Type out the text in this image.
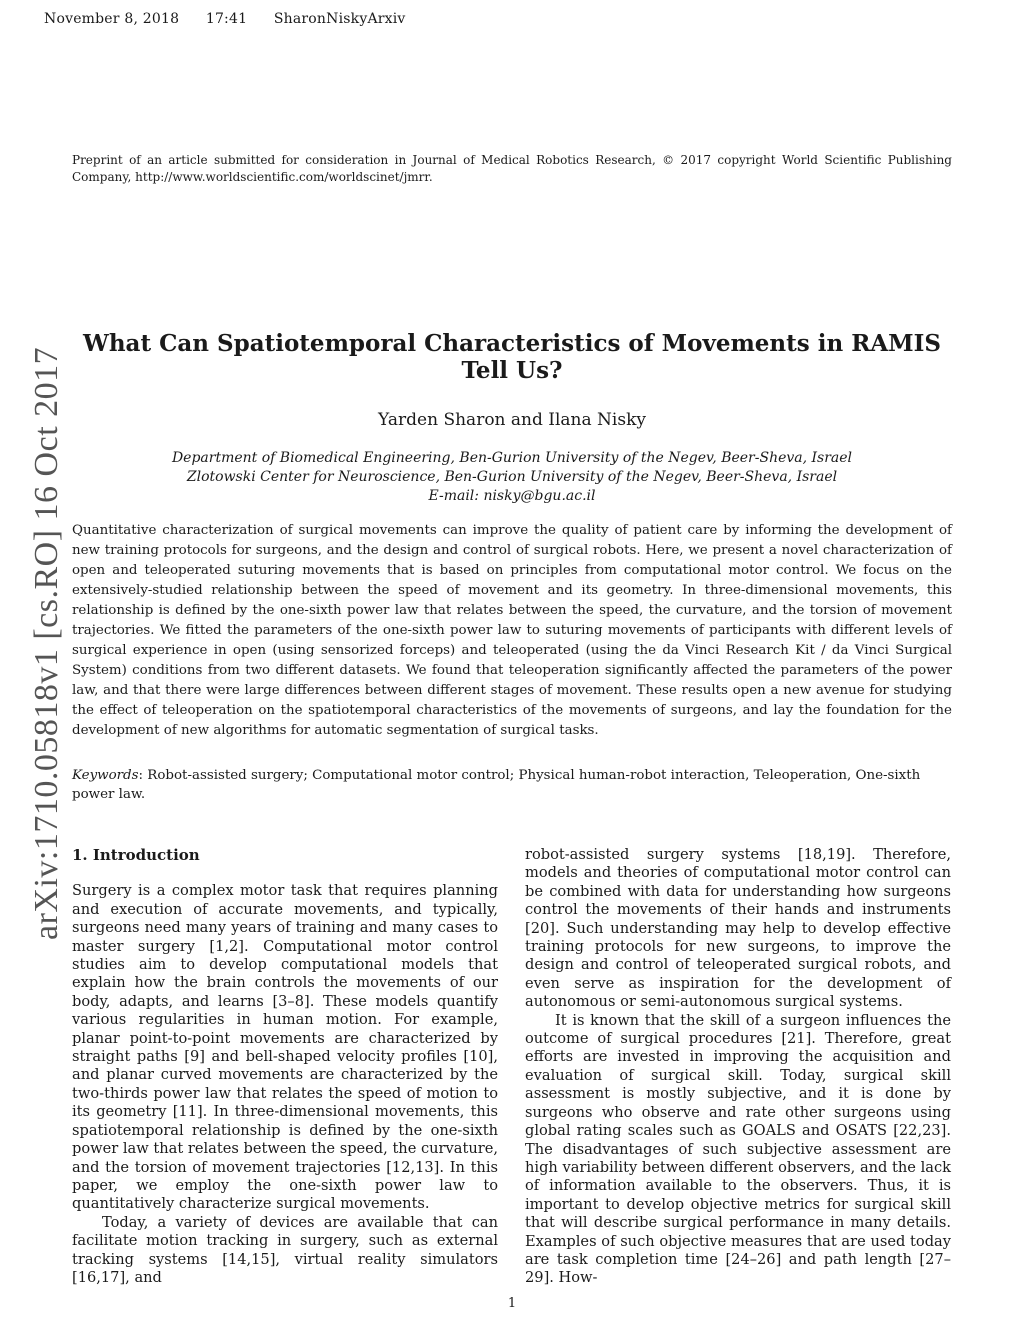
November 8, 2018 17:41 SharonNiskyArxiv
Preprint of an article submitted for consideration in Journal of Medical Robotics Research, © 2017 copyright World Scientific Publishing Company, http://www.worldscientific.com/worldscinet/jmrr.
arXiv:1710.05818v1 [cs.RO] 16 Oct 2017
What Can Spatiotemporal Characteristics of Movements in RAMIS Tell Us?
Yarden Sharon and Ilana Nisky
Department of Biomedical Engineering, Ben-Gurion University of the Negev, Beer-Sheva, Israel
Zlotowski Center for Neuroscience, Ben-Gurion University of the Negev, Beer-Sheva, Israel
E-mail: nisky@bgu.ac.il
Quantitative characterization of surgical movements can improve the quality of patient care by informing the development of new training protocols for surgeons, and the design and control of surgical robots. Here, we present a novel characterization of open and teleoperated suturing movements that is based on principles from computational motor control. We focus on the extensively-studied relationship between the speed of movement and its geometry. In three-dimensional movements, this relationship is defined by the one-sixth power law that relates between the speed, the curvature, and the torsion of movement trajectories. We fitted the parameters of the one-sixth power law to suturing movements of participants with different levels of surgical experience in open (using sensorized forceps) and teleoperated (using the da Vinci Research Kit / da Vinci Surgical System) conditions from two different datasets. We found that teleoperation significantly affected the parameters of the power law, and that there were large differences between different stages of movement. These results open a new avenue for studying the effect of teleoperation on the spatiotemporal characteristics of the movements of surgeons, and lay the foundation for the development of new algorithms for automatic segmentation of surgical tasks.
Keywords: Robot-assisted surgery; Computational motor control; Physical human-robot interaction, Teleoperation, One-sixth power law.
1. Introduction

Surgery is a complex motor task that requires planning and execution of accurate movements, and typically, surgeons need many years of training and many cases to master surgery [1,2]. Computational motor control studies aim to develop computational models that explain how the brain controls the movements of our body, adapts, and learns [3–8]. These models quantify various regularities in human motion. For example, planar point-to-point movements are characterized by straight paths [9] and bell-shaped velocity profiles [10], and planar curved movements are characterized by the two-thirds power law that relates the speed of motion to its geometry [11]. In three-dimensional movements, this spatiotemporal relationship is defined by the one-sixth power law that relates between the speed, the curvature, and the torsion of movement trajectories [12,13]. In this paper, we employ the one-sixth power law to quantitatively characterize surgical movements.

Today, a variety of devices are available that can facilitate motion tracking in surgery, such as external tracking systems [14,15], virtual reality simulators [16,17], and

robot-assisted surgery systems [18,19]. Therefore, models and theories of computational motor control can be combined with data for understanding how surgeons control the movements of their hands and instruments [20]. Such understanding may help to develop effective training protocols for new surgeons, to improve the design and control of teleoperated surgical robots, and even serve as inspiration for the development of autonomous or semi-autonomous surgical systems.

It is known that the skill of a surgeon influences the outcome of surgical procedures [21]. Therefore, great efforts are invested in improving the acquisition and evaluation of surgical skill. Today, surgical skill assessment is mostly subjective, and it is done by surgeons who observe and rate other surgeons using global rating scales such as GOALS and OSATS [22,23]. The disadvantages of such subjective assessment are high variability between different observers, and the lack of information available to the observers. Thus, it is important to develop objective metrics for surgical skill that will describe surgical performance in many details. Examples of such objective measures that are used today are task completion time [24–26] and path length [27–29]. How-

1
